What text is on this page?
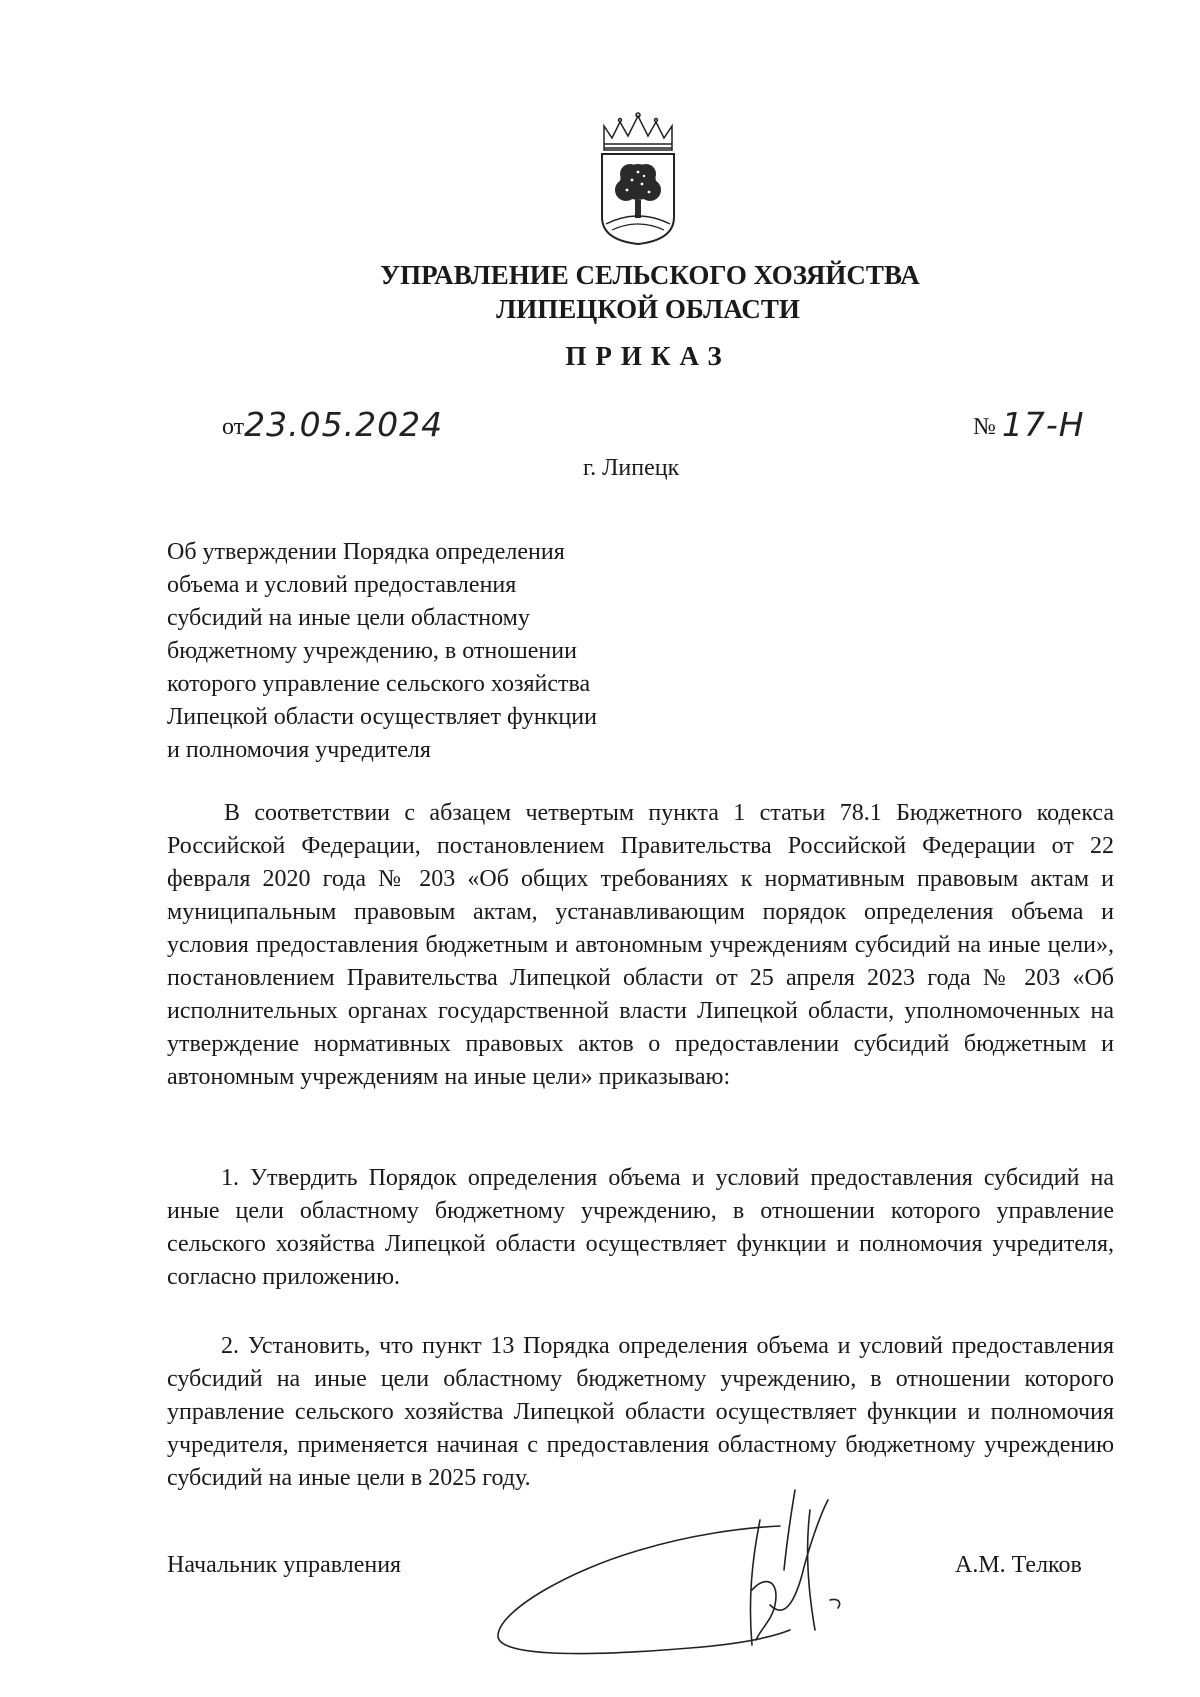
УПРАВЛЕНИЕ СЕЛЬСКОГО ХОЗЯЙСТВА
ЛИПЕЦКОЙ ОБЛАСТИ
ПРИКАЗ
от23.05.2024	№ 17-Н
г. Липецк
Об утверждении Порядка определения
объема и условий предоставления
субсидий на иные цели областному
бюджетному учреждению, в отношении
которого управление сельского хозяйства
Липецкой области осуществляет функции
и полномочия учредителя

В соответствии с абзацем четвертым пункта 1 статьи 78.1 Бюджетного кодекса Российской Федерации, постановлением Правительства Российской Федерации от 22 февраля 2020 года № 203 «Об общих требованиях к нормативным правовым актам и муниципальным правовым актам, устанавливающим порядок определения объема и условия предоставления бюджетным и автономным учреждениям субсидий на иные цели», постановлением Правительства Липецкой области от 25 апреля 2023 года № 203 «Об исполнительных органах государственной власти Липецкой области, уполномоченных на утверждение нормативных правовых актов о предоставлении субсидий бюджетным и автономным учреждениям на иные цели» приказываю:

1. Утвердить Порядок определения объема и условий предоставления субсидий на иные цели областному бюджетному учреждению, в отношении которого управление сельского хозяйства Липецкой области осуществляет функции и полномочия учредителя, согласно приложению.

2. Установить, что пункт 13 Порядка определения объема и условий предоставления субсидий на иные цели областному бюджетному учреждению, в отношении которого управление сельского хозяйства Липецкой области осуществляет функции и полномочия учредителя, применяется начиная с предоставления областному бюджетному учреждению субсидий на иные цели в 2025 году.

Начальник управления	А.М. Телков
